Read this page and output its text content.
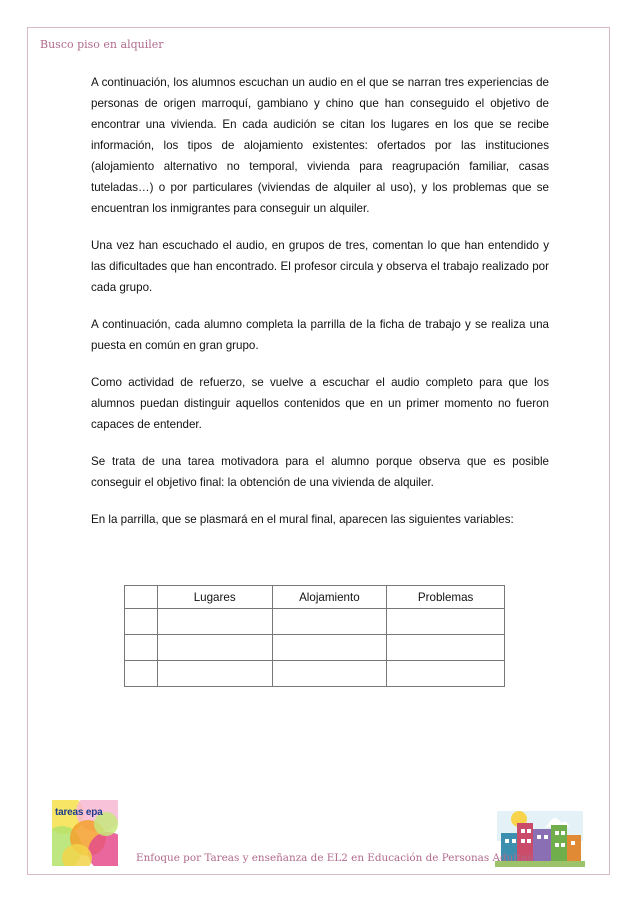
Busco piso en alquiler

A continuación, los alumnos escuchan un audio en el que se narran tres experiencias de personas de origen marroquí, gambiano y chino que han conseguido el objetivo de encontrar una vivienda. En cada audición se citan los lugares en los que se recibe información, los tipos de alojamiento existentes: ofertados por las instituciones (alojamiento alternativo no temporal, vivienda para reagrupación familiar, casas tuteladas…) o por particulares (viviendas de alquiler al uso), y los problemas que se encuentran los inmigrantes para conseguir un alquiler.

Una vez han escuchado el audio, en grupos de tres, comentan lo que han entendido y las dificultades que han encontrado. El profesor circula y observa el trabajo realizado por cada grupo.

A continuación, cada alumno completa la parrilla de la ficha de trabajo y se realiza una puesta en común en gran grupo.

Como actividad de refuerzo, se vuelve a escuchar el audio completo para que los alumnos puedan distinguir aquellos contenidos que en un primer momento no fueron capaces de entender.

Se trata de una tarea motivadora para el alumno porque observa que es posible conseguir el objetivo final: la obtención de una vivienda de alquiler.

En la parrilla, que se plasmará en el mural final, aparecen las siguientes variables:

	Lugares	Alojamiento	Problemas

tareas epa
Enfoque por Tareas y enseñanza de EL2 en Educación de Personas Adultas
